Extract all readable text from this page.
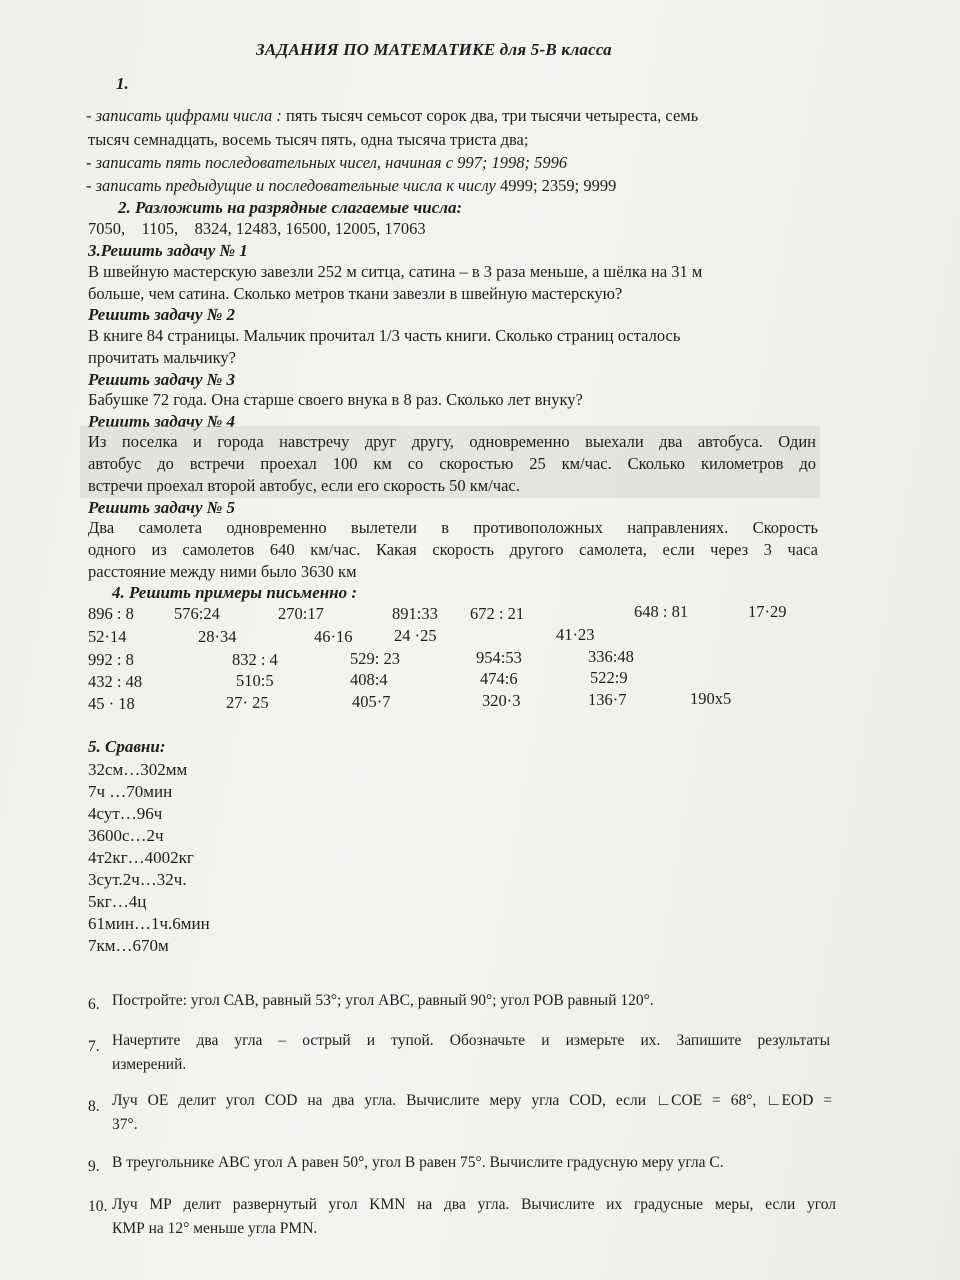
ЗАДАНИЯ ПО МАТЕМАТИКЕ для 5-В класса
1.
- записать цифрами числа : пять тысяч семьсот сорок два, три тысячи четыреста, семь
тысяч семнадцать, восемь тысяч пять, одна тысяча триста два;
- записать пять последовательных чисел, начиная с 997; 1998; 5996
- записать предыдущие и последовательные числа к числу 4999; 2359; 9999
2. Разложить на разрядные слагаемые числа:
7050,    1105,    8324, 12483, 16500, 12005, 17063
3.Решить задачу № 1
В швейную мастерскую завезли 252 м ситца, сатина – в 3 раза меньше, а шёлка на 31 м
больше, чем сатина. Сколько метров ткани завезли в швейную мастерскую?
Решить задачу № 2
В книге 84 страницы. Мальчик прочитал 1/3 часть книги. Сколько страниц осталось
прочитать мальчику?
Решить задачу № 3
Бабушке 72 года. Она старше своего внука в 8 раз. Сколько лет внуку?
Решить задачу № 4
Из поселка и города навстречу друг другу, одновременно выехали два автобуса. Один
автобус до встречи проехал 100 км со скоростью 25 км/час. Сколько километров до
встречи проехал второй автобус, если его скорость 50 км/час.
Решить задачу № 5
Два самолета одновременно вылетели в противоположных направлениях. Скорость
одного из самолетов 640 км/час. Какая скорость другого самолета, если через 3 часа
расстояние между ними было 3630 км
4. Решить примеры письменно :
896 : 8 576:24	270:17	891:33 672 : 21	648 : 81	17·29
52·14	28·34	46·16	24 ·25	41·23
992 : 8	832 : 4	529: 23	954:53	336:48
432 : 48	510:5	408:4	474:6	522:9
45 · 18	27· 25	405·7	320·3	136·7	190х5
5. Сравни:
32см…302мм
7ч …70мин
4сут…96ч
3600с…2ч
4т2кг…4002кг
3сут.2ч…32ч.
5кг…4ц
61мин…1ч.6мин
7км…670м
6. Постройте: угол САВ, равный 53°; угол АВС, равный 90°; угол РОВ равный 120°.
7. Начертите два угла – острый и тупой. Обозначьте и измерьте их. Запишите результаты
измерений.
8. Луч ОЕ делит угол COD на два угла. Вычислите меру угла COD, если ∟COE = 68°, ∟EOD =
37°.
9. В треугольнике АВС угол А равен 50°, угол В равен 75°. Вычислите градусную меру угла С.
10. Луч МР делит развернутый угол KMN на два угла. Вычислите их градусные меры, если угол
КМР на 12° меньше угла PMN.
